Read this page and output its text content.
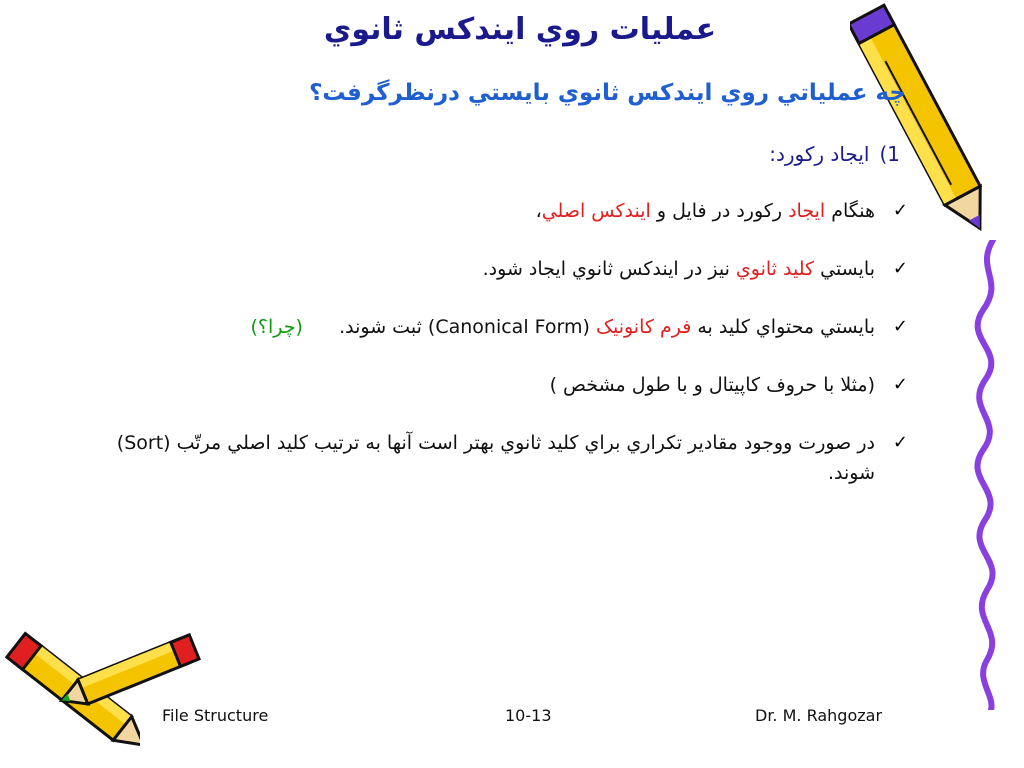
عمليات روي ايندكس ثانوي
چه عملياتي روي ايندكس ثانوي بايستي درنظرگرفت؟
1)ايجاد ركورد:
✓
هنگام ايجاد ركورد در فايل و ايندكس اصلي،
✓
بايستي كليد ثانوي نيز در ايندكس ثانوي ايجاد شود.
✓
بايستي محتواي كليد به فرم كانونيک (Canonical Form) ثبت شوند.      (چرا؟)
✓
(مثلا با حروف كاپيتال و با طول مشخص )
✓
در صورت ووجود مقادير تكراري براي كليد ثانوي بهتر است آنها به ترتيب كليد اصلي مرتّب (Sort) شوند.
File Structure	10-13	Dr. M. Rahgozar
